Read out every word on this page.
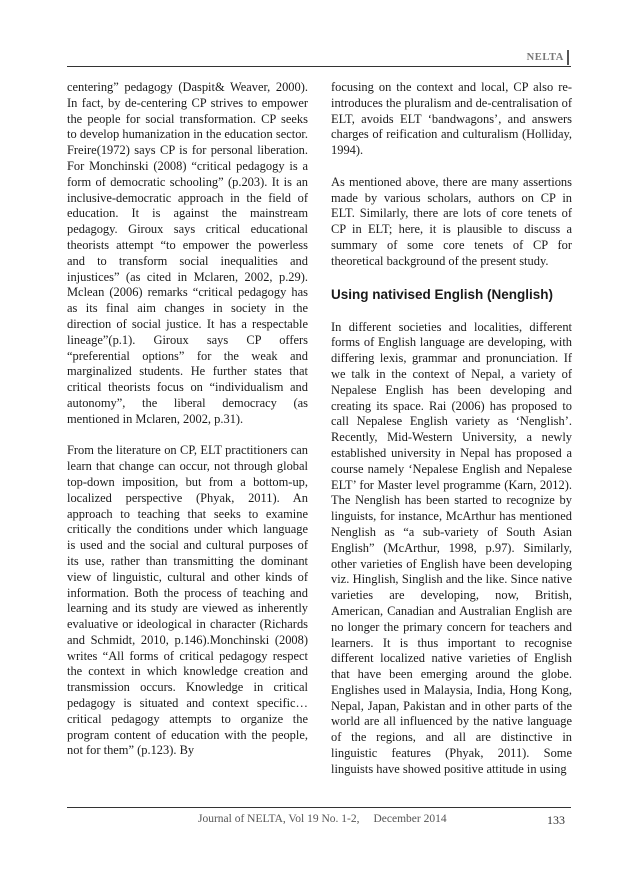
NELTA

centering” pedagogy (Daspit& Weaver, 2000). In fact, by de-centering CP strives to empower the people for social transformation. CP seeks to develop humanization in the education sector. Freire(1972) says CP is for personal liberation. For Monchinski (2008) “critical pedagogy is a form of democratic schooling” (p.203). It is an inclusive-democratic approach in the field of education. It is against the mainstream pedagogy. Giroux says critical educational theorists attempt “to empower the powerless and to transform social inequalities and injustices” (as cited in Mclaren, 2002, p.29). Mclean (2006) remarks “critical pedagogy has as its final aim changes in society in the direction of social justice. It has a respectable lineage”(p.1). Giroux says CP offers “preferential options” for the weak and marginalized students. He further states that critical theorists focus on “individualism and autonomy”, the liberal democracy (as mentioned in Mclaren, 2002, p.31).

From the literature on CP, ELT practitioners can learn that change can occur, not through global top-down imposition, but from a bottom-up, localized perspective (Phyak, 2011). An approach to teaching that seeks to examine critically the conditions under which language is used and the social and cultural purposes of its use, rather than transmitting the dominant view of linguistic, cultural and other kinds of information. Both the process of teaching and learning and its study are viewed as inherently evaluative or ideological in character (Richards and Schmidt, 2010, p.146).Monchinski (2008) writes “All forms of critical pedagogy respect the context in which knowledge creation and transmission occurs. Knowledge in critical pedagogy is situated and context specific…critical pedagogy attempts to organize the program content of education with the people, not for them” (p.123). By

focusing on the context and local, CP also re-introduces the pluralism and de-centralisation of ELT, avoids ELT ‘bandwagons’, and answers charges of reification and culturalism (Holliday, 1994).

As mentioned above, there are many assertions made by various scholars, authors on CP in ELT. Similarly, there are lots of core tenets of CP in ELT; here, it is plausible to discuss a summary of some core tenets of CP for theoretical background of the present study.

Using nativised English (Nenglish)

In different societies and localities, different forms of English language are developing, with differing lexis, grammar and pronunciation. If we talk in the context of Nepal, a variety of Nepalese English has been developing and creating its space. Rai (2006) has proposed to call Nepalese English variety as ‘Nenglish’. Recently, Mid-Western University, a newly established university in Nepal has proposed a course namely ‘Nepalese English and Nepalese ELT’ for Master level programme (Karn, 2012). The Nenglish has been started to recognize by linguists, for instance, McArthur has mentioned Nenglish as “a sub-variety of South Asian English” (McArthur, 1998, p.97). Similarly, other varieties of English have been developing viz. Hinglish, Singlish and the like. Since native varieties are developing, now, British, American, Canadian and Australian English are no longer the primary concern for teachers and learners. It is thus important to recognise different localized native varieties of English that have been emerging around the globe. Englishes used in Malaysia, India, Hong Kong, Nepal, Japan, Pakistan and in other parts of the world are all influenced by the native language of the regions, and all are distinctive in linguistic features (Phyak, 2011). Some linguists have showed positive attitude in using

Journal of NELTA, Vol 19 No. 1-2, December 2014	133
